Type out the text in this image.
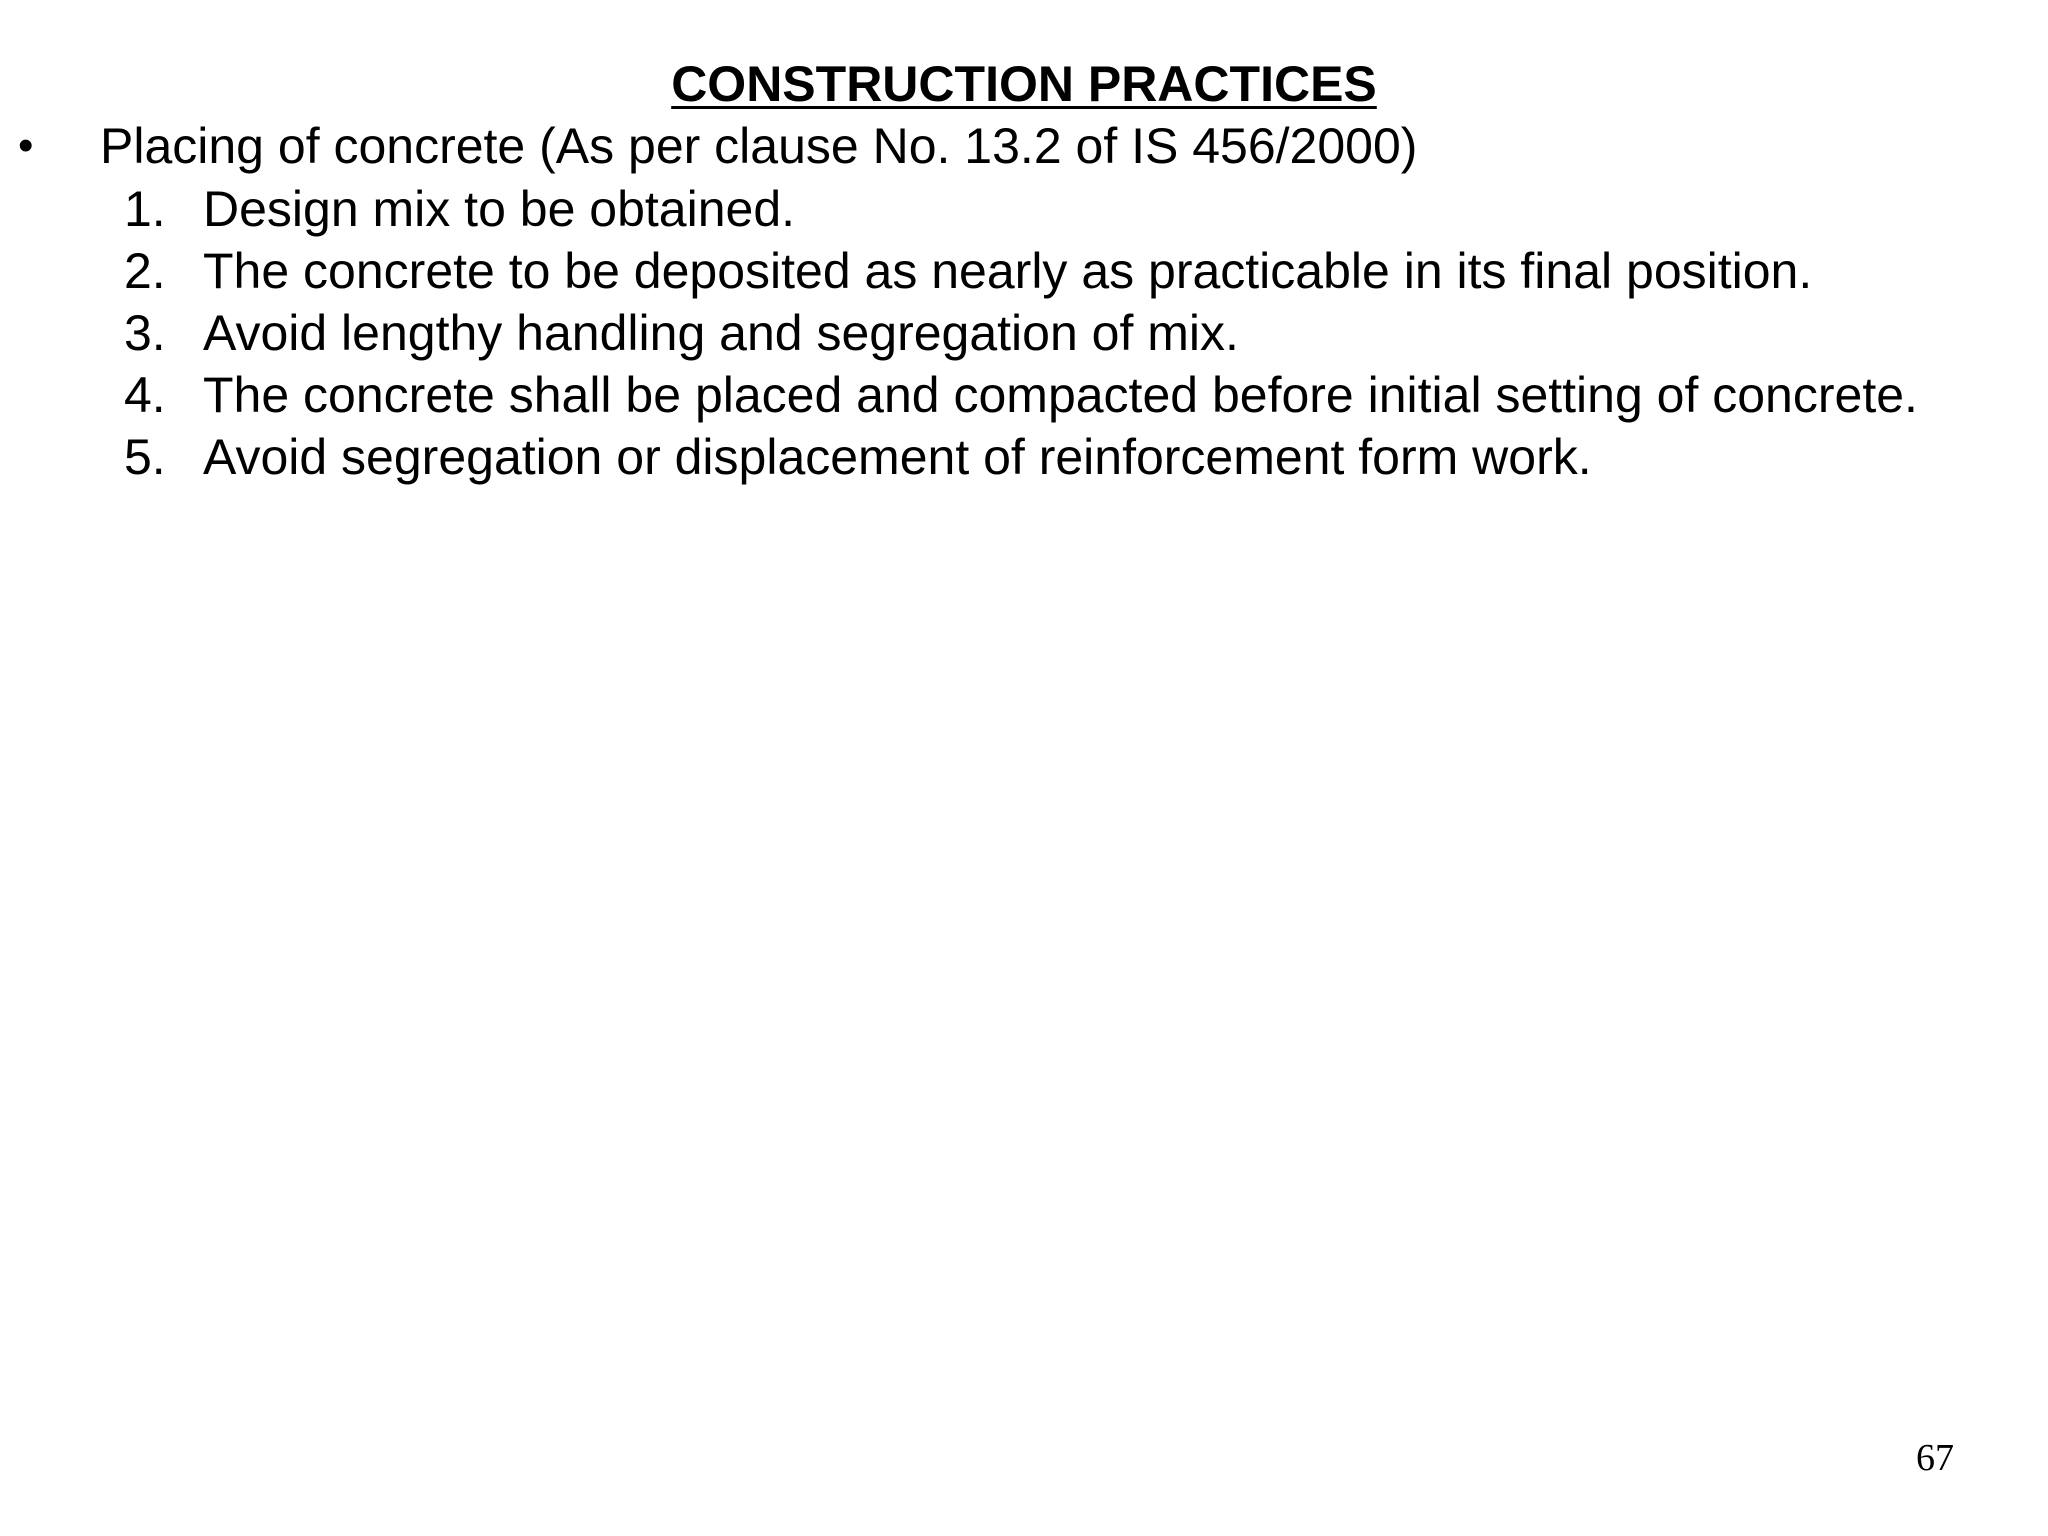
CONSTRUCTION PRACTICES
• Placing of concrete (As per clause No. 13.2 of IS 456/2000)
1. Design mix to be obtained.
2. The concrete to be deposited as nearly as practicable in its final position.
3. Avoid lengthy handling and segregation of mix.
4. The concrete shall be placed and compacted before initial setting of concrete.
5. Avoid segregation or displacement of reinforcement form work.
67
